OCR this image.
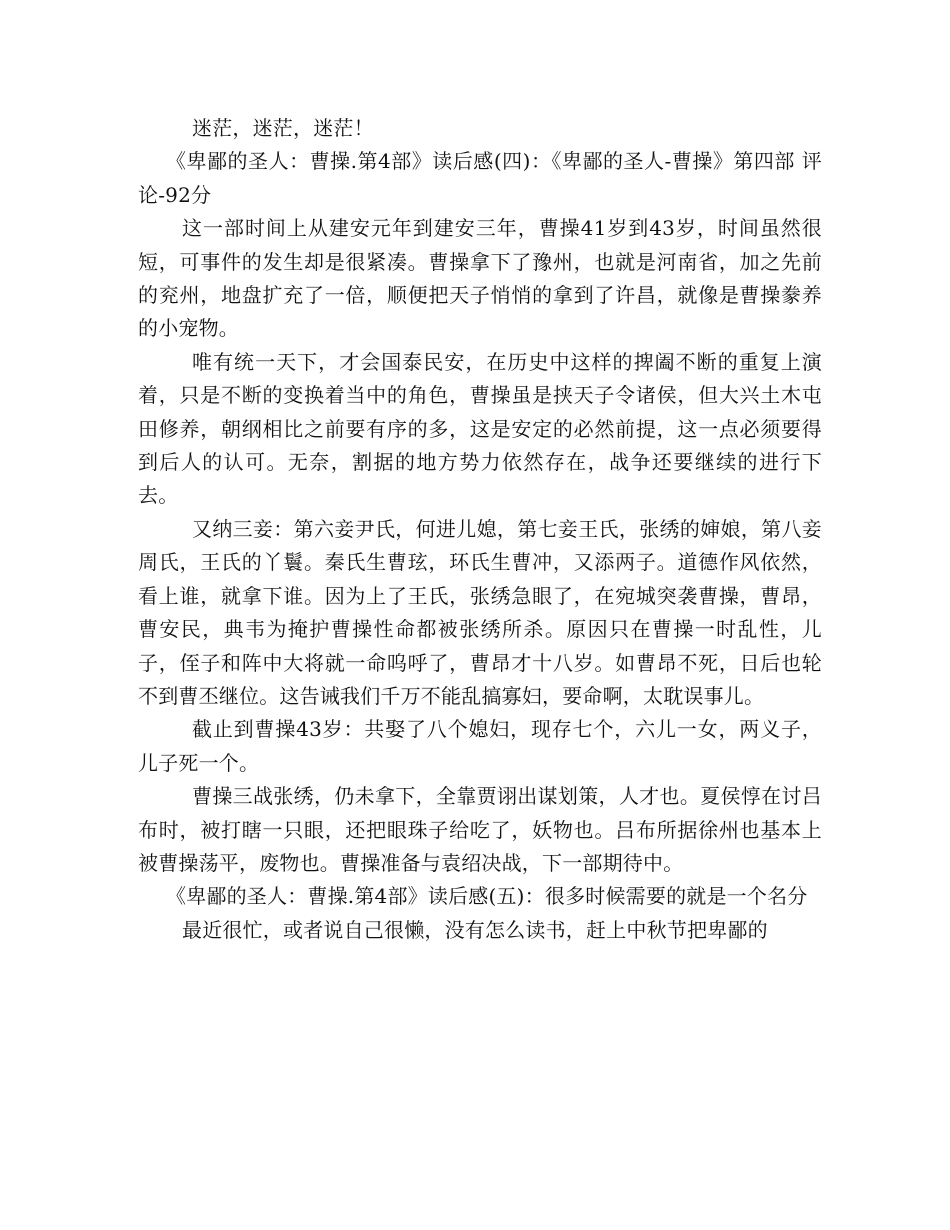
迷茫，迷茫，迷茫！

《卑鄙的圣人：曹操.第4部》读后感(四)：《卑鄙的圣人-曹操》第四部 评论-92分

这一部时间上从建安元年到建安三年，曹操41岁到43岁，时间虽然很短，可事件的发生却是很紧凑。曹操拿下了豫州，也就是河南省，加之先前的兖州，地盘扩充了一倍，顺便把天子悄悄的拿到了许昌，就像是曹操豢养的小宠物。

唯有统一天下，才会国泰民安，在历史中这样的捭阖不断的重复上演着，只是不断的变换着当中的角色，曹操虽是挟天子令诸侯，但大兴土木屯田修养，朝纲相比之前要有序的多，这是安定的必然前提，这一点必须要得到后人的认可。无奈，割据的地方势力依然存在，战争还要继续的进行下去。

又纳三妾：第六妾尹氏，何进儿媳，第七妾王氏，张绣的婶娘，第八妾周氏，王氏的丫鬟。秦氏生曹玹，环氏生曹冲，又添两子。道德作风依然，看上谁，就拿下谁。因为上了王氏，张绣急眼了，在宛城突袭曹操，曹昂，曹安民，典韦为掩护曹操性命都被张绣所杀。原因只在曹操一时乱性，儿子，侄子和阵中大将就一命呜呼了，曹昂才十八岁。如曹昂不死，日后也轮不到曹丕继位。这告诫我们千万不能乱搞寡妇，要命啊，太耽误事儿。

截止到曹操43岁：共娶了八个媳妇，现存七个，六儿一女，两义子，儿子死一个。

曹操三战张绣，仍未拿下，全靠贾诩出谋划策，人才也。夏侯惇在讨吕布时，被打瞎一只眼，还把眼珠子给吃了，妖物也。吕布所据徐州也基本上被曹操荡平，废物也。曹操准备与袁绍决战，下一部期待中。

《卑鄙的圣人：曹操.第4部》读后感(五)：很多时候需要的就是一个名分

最近很忙，或者说自己很懒，没有怎么读书，赶上中秋节把卑鄙的
